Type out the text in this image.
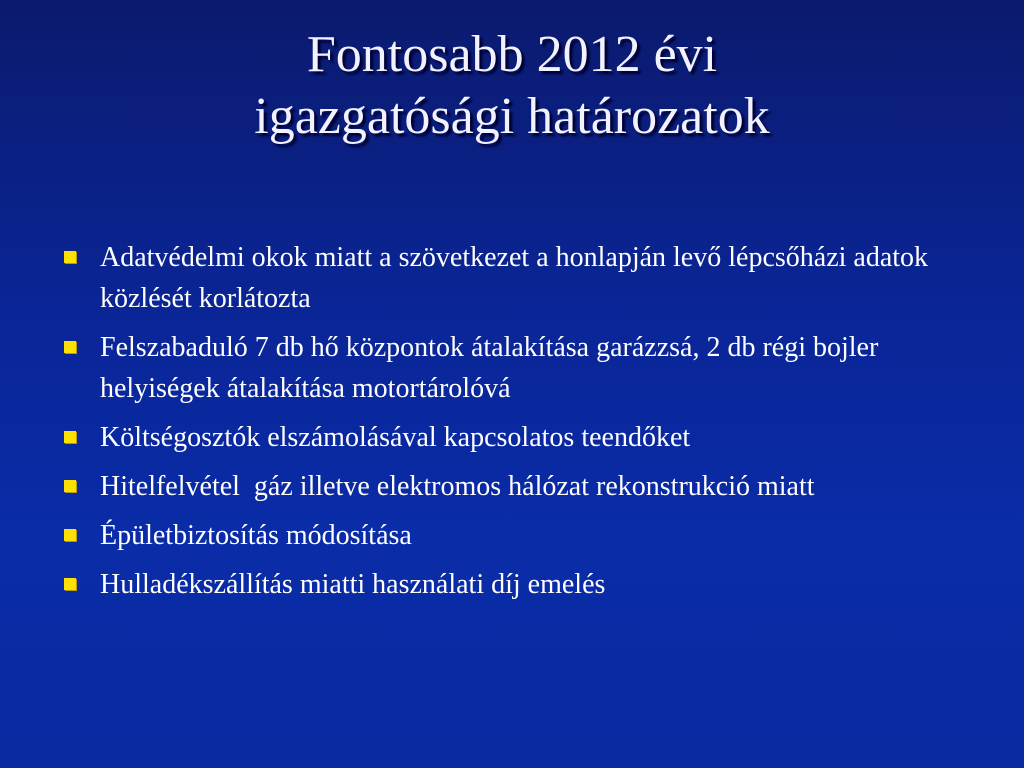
Fontosabb 2012 évi
igazgatósági határozatok
Adatvédelmi okok miatt a szövetkezet a honlapján levő lépcsőházi adatok közlését korlátozta
Felszabaduló 7 db hő központok átalakítása garázzsá, 2 db régi bojler helyiségek átalakítása motortárolóvá
Költségosztók elszámolásával kapcsolatos teendőket
Hitelfelvétel  gáz illetve elektromos hálózat rekonstrukció miatt
Épületbiztosítás módosítása
Hulladékszállítás miatti használati díj emelés
